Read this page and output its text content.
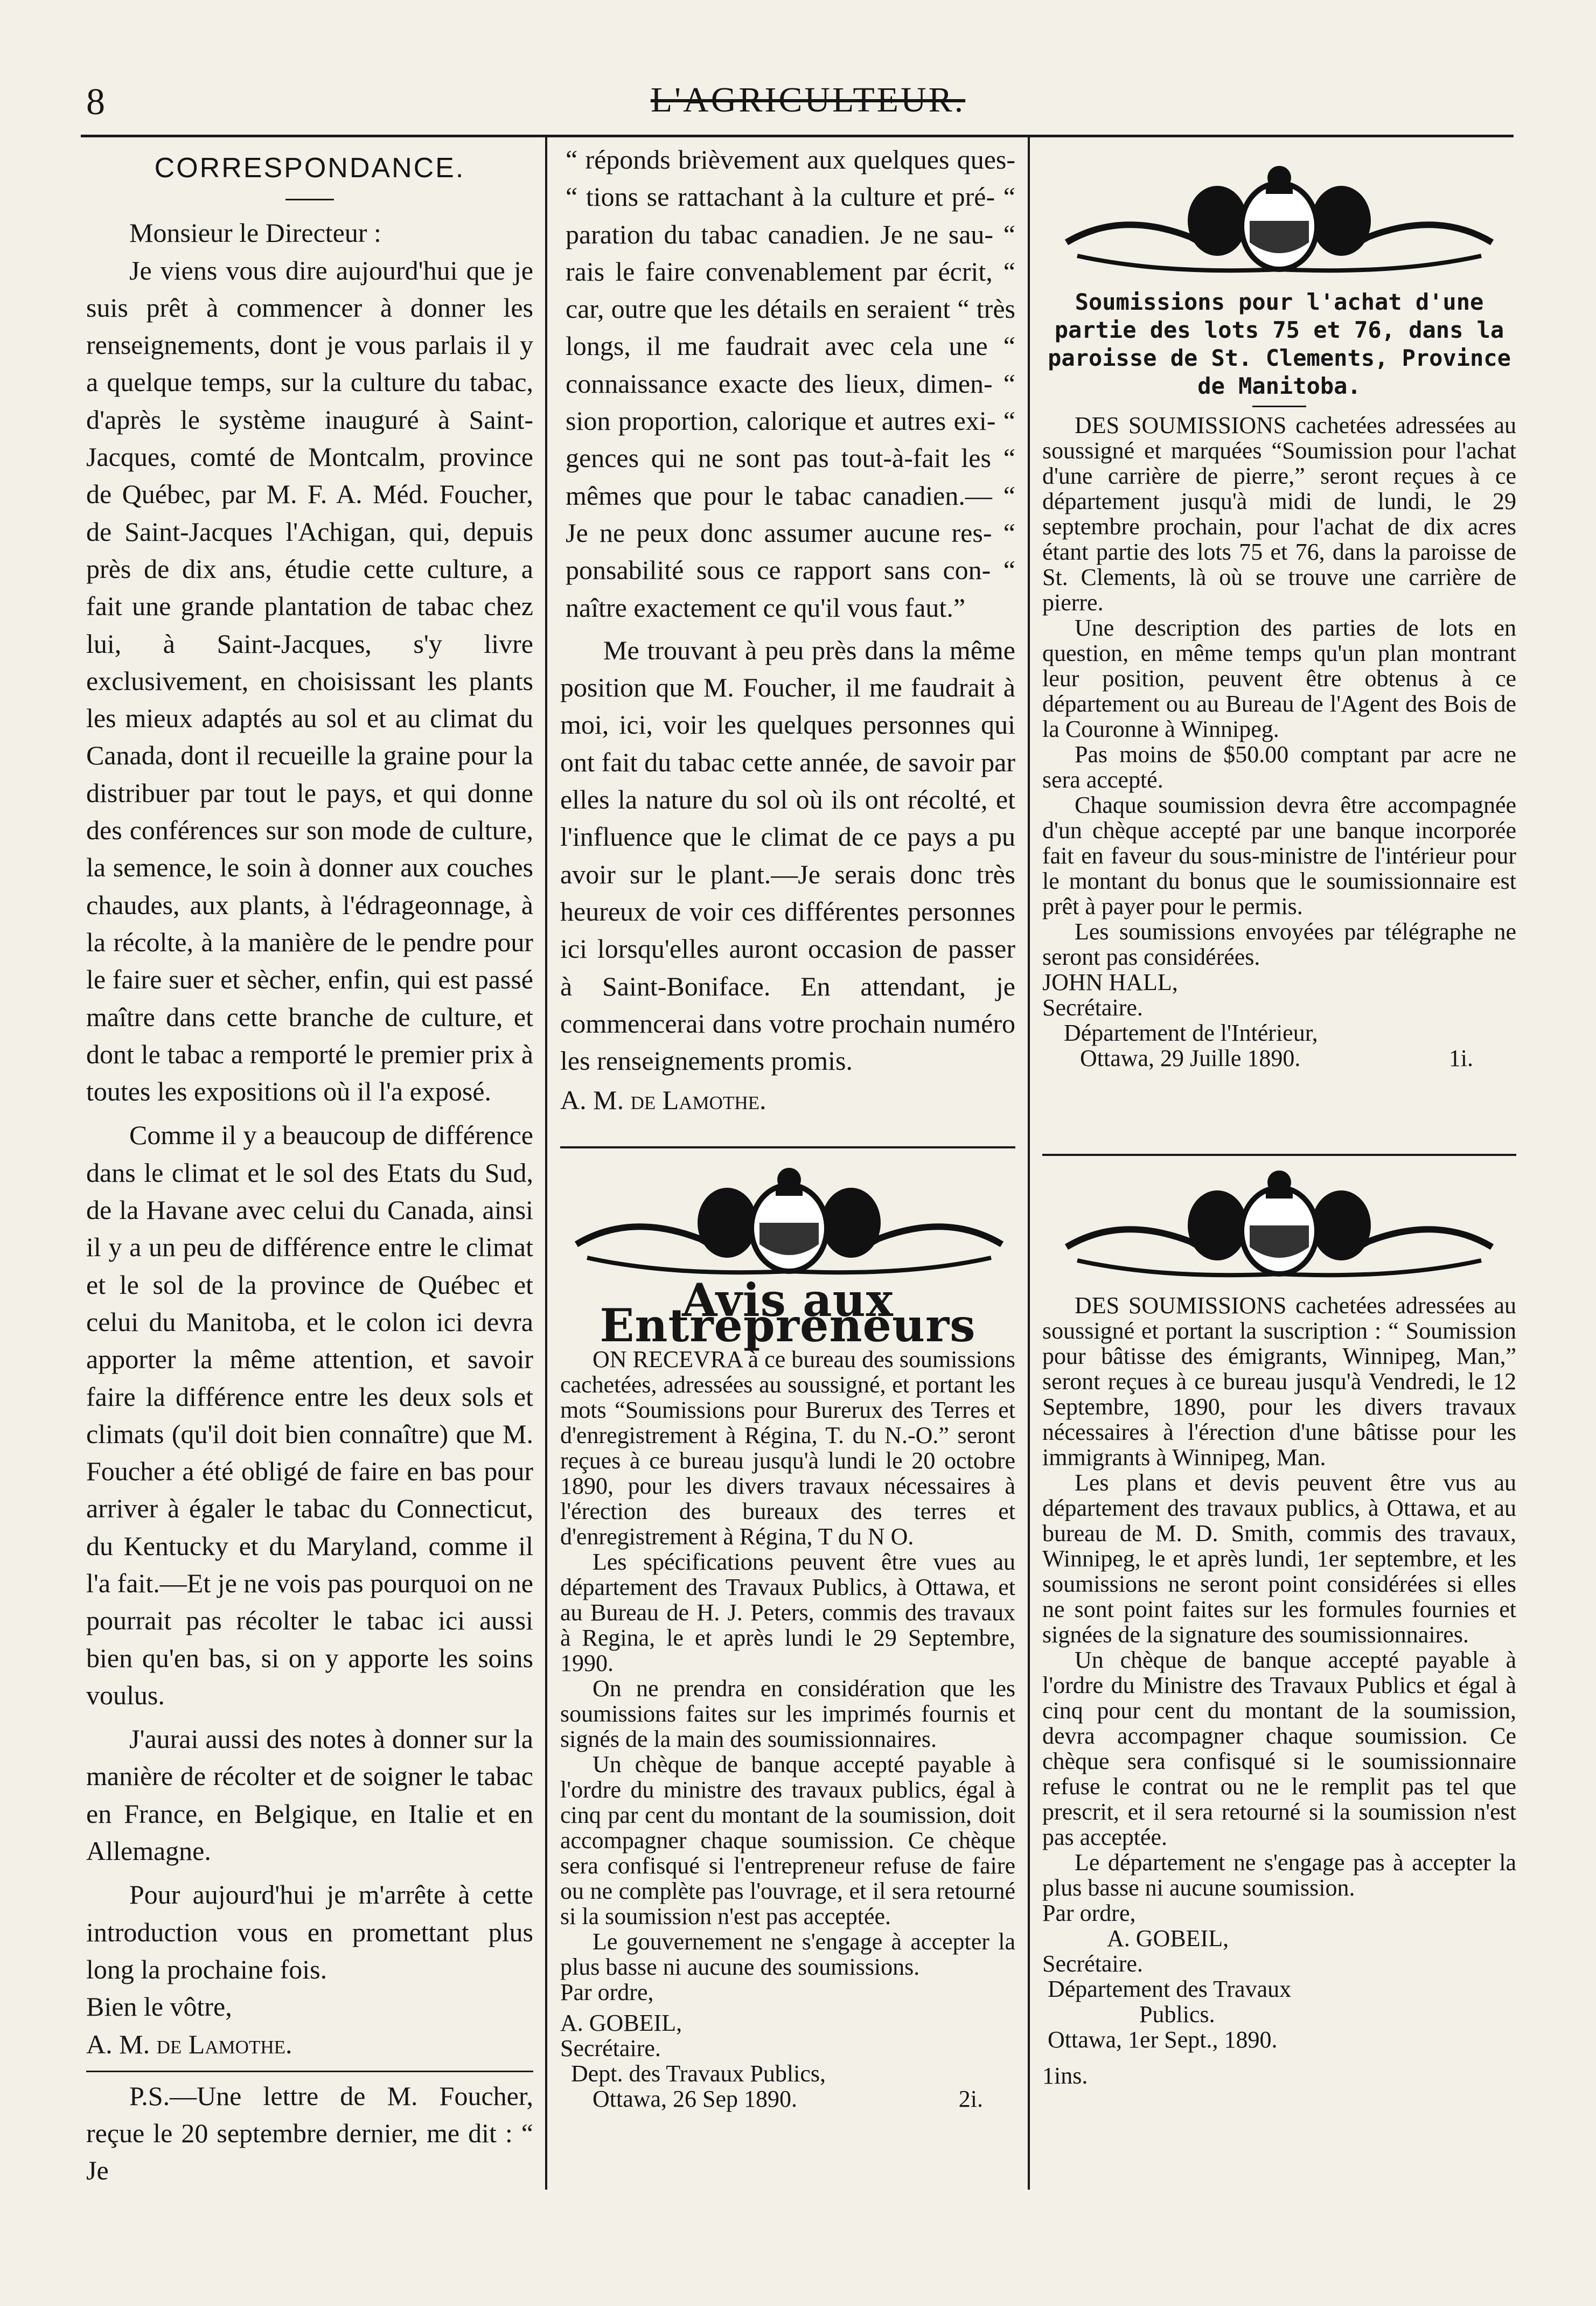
8	L'AGRICULTEUR.
CORRESPONDANCE.

Monsieur le Directeur :

Je viens vous dire aujourd'hui que je suis prêt à commencer à donner les renseignements, dont je vous parlais il y a quelque temps, sur la culture du tabac, d'après le système inauguré à Saint-Jacques, comté de Montcalm, province de Québec, par M. F. A. Méd. Foucher, de Saint-Jacques l'Achigan, qui, depuis près de dix ans, étudie cette culture, a fait une grande plantation de tabac chez lui, à Saint-Jacques, s'y livre exclusivement, en choisissant les plants les mieux adaptés au sol et au climat du Canada, dont il recueille la graine pour la distribuer par tout le pays, et qui donne des conférences sur son mode de culture, la semence, le soin à donner aux couches chaudes, aux plants, à l'édrageonnage, à la récolte, à la manière de le pendre pour le faire suer et sècher, enfin, qui est passé maître dans cette branche de culture, et dont le tabac a remporté le premier prix à toutes les expositions où il l'a exposé.

Comme il y a beaucoup de différence dans le climat et le sol des Etats du Sud, de la Havane avec celui du Canada, ainsi il y a un peu de différence entre le climat et le sol de la province de Québec et celui du Manitoba, et le colon ici devra apporter la même attention, et savoir faire la différence entre les deux sols et climats (qu'il doit bien connaître) que M. Foucher a été obligé de faire en bas pour arriver à égaler le tabac du Connecticut, du Kentucky et du Maryland, comme il l'a fait.—Et je ne vois pas pourquoi on ne pourrait pas récolter le tabac ici aussi bien qu'en bas, si on y apporte les soins voulus.

J'aurai aussi des notes à donner sur la manière de récolter et de soigner le tabac en France, en Belgique, en Italie et en Allemagne.

Pour aujourd'hui je m'arrête à cette introduction vous en promettant plus long la prochaine fois.

Bien le vôtre,

A. M. de Lamothe.

P.S.—Une lettre de M. Foucher, reçue le 20 septembre dernier, me dit : “ Je

“ réponds brièvement aux quelques ques- “ tions se rattachant à la culture et pré- “ paration du tabac canadien. Je ne sau- “ rais le faire convenablement par écrit, “ car, outre que les détails en seraient “ très longs, il me faudrait avec cela une “ connaissance exacte des lieux, dimen- “ sion proportion, calorique et autres exi- “ gences qui ne sont pas tout-à-fait les “ mêmes que pour le tabac canadien.— “ Je ne peux donc assumer aucune res- “ ponsabilité sous ce rapport sans con- “ naître exactement ce qu'il vous faut.”

Me trouvant à peu près dans la même position que M. Foucher, il me faudrait à moi, ici, voir les quelques personnes qui ont fait du tabac cette année, de savoir par elles la nature du sol où ils ont récolté, et l'influence que le climat de ce pays a pu avoir sur le plant.—Je serais donc très heureux de voir ces différentes personnes ici lorsqu'elles auront occasion de passer à Saint-Boniface. En attendant, je commencerai dans votre prochain numéro les renseignements promis.

A. M. de Lamothe.

Avis aux Entrepreneurs

ON RECEVRA à ce bureau des soumissions cachetées, adressées au soussigné, et portant les mots “Soumissions pour Burerux des Terres et d'enregistrement à Régina, T. du N.-O.” seront reçues à ce bureau jusqu'à lundi le 20 octobre 1890, pour les divers travaux nécessaires à l'érection des bureaux des terres et d'enregistrement à Régina, T du N O.

Les spécifications peuvent être vues au département des Travaux Publics, à Ottawa, et au Bureau de H. J. Peters, commis des travaux à Regina, le et après lundi le 29 Septembre, 1990.

On ne prendra en considération que les soumissions faites sur les imprimés fournis et signés de la main des soumissionnaires.

Un chèque de banque accepté payable à l'ordre du ministre des travaux publics, égal à cinq par cent du montant de la soumission, doit accompagner chaque soumission. Ce chèque sera confisqué si l'entrepreneur refuse de faire ou ne complète pas l'ouvrage, et il sera retourné si la soumission n'est pas acceptée.

Le gouvernement ne s'engage à accepter la plus basse ni aucune des soumissions.

Par ordre,

A. GOBEIL,

Secrétaire.

Dept. des Travaux Publics,

Ottawa, 26 Sep 1890.	2i.
Soumissions pour l'achat d'une partie des lots 75 et 76, dans la paroisse de St. Clements, Province de Manitoba.

DES SOUMISSIONS cachetées adressées au soussigné et marquées “Soumission pour l'achat d'une carrière de pierre,” seront reçues à ce département jusqu'à midi de lundi, le 29 septembre prochain, pour l'achat de dix acres étant partie des lots 75 et 76, dans la paroisse de St. Clements, là où se trouve une carrière de pierre.

Une description des parties de lots en question, en même temps qu'un plan montrant leur position, peuvent être obtenus à ce département ou au Bureau de l'Agent des Bois de la Couronne à Winnipeg.

Pas moins de $50.00 comptant par acre ne sera accepté.

Chaque soumission devra être accompagnée d'un chèque accepté par une banque incorporée fait en faveur du sous-ministre de l'intérieur pour le montant du bonus que le soumissionnaire est prêt à payer pour le permis.

Les soumissions envoyées par télégraphe ne seront pas considérées.

JOHN HALL,

Secrétaire.

Département de l'Intérieur,

Ottawa, 29 Juille 1890.	1i.

DES SOUMISSIONS cachetées adressées au soussigné et portant la suscription : “ Soumission pour bâtisse des émigrants, Winnipeg, Man,” seront reçues à ce bureau jusqu'à Vendredi, le 12 Septembre, 1890, pour les divers travaux nécessaires à l'érection d'une bâtisse pour les immigrants à Winnipeg, Man.

Les plans et devis peuvent être vus au département des travaux publics, à Ottawa, et au bureau de M. D. Smith, commis des travaux, Winnipeg, le et après lundi, 1er septembre, et les soumissions ne seront point considérées si elles ne sont point faites sur les formules fournies et signées de la signature des soumissionnaires.

Un chèque de banque accepté payable à l'ordre du Ministre des Travaux Publics et égal à cinq pour cent du montant de la soumission, devra accompagner chaque soumission. Ce chèque sera confisqué si le soumissionnaire refuse le contrat ou ne le remplit pas tel que prescrit, et il sera retourné si la soumission n'est pas acceptée.

Le département ne s'engage pas à accepter la plus basse ni aucune soumission.

Par ordre,

A. GOBEIL,

Secrétaire.

Département des Travaux

Publics.

Ottawa, 1er Sept., 1890.

1ins.
